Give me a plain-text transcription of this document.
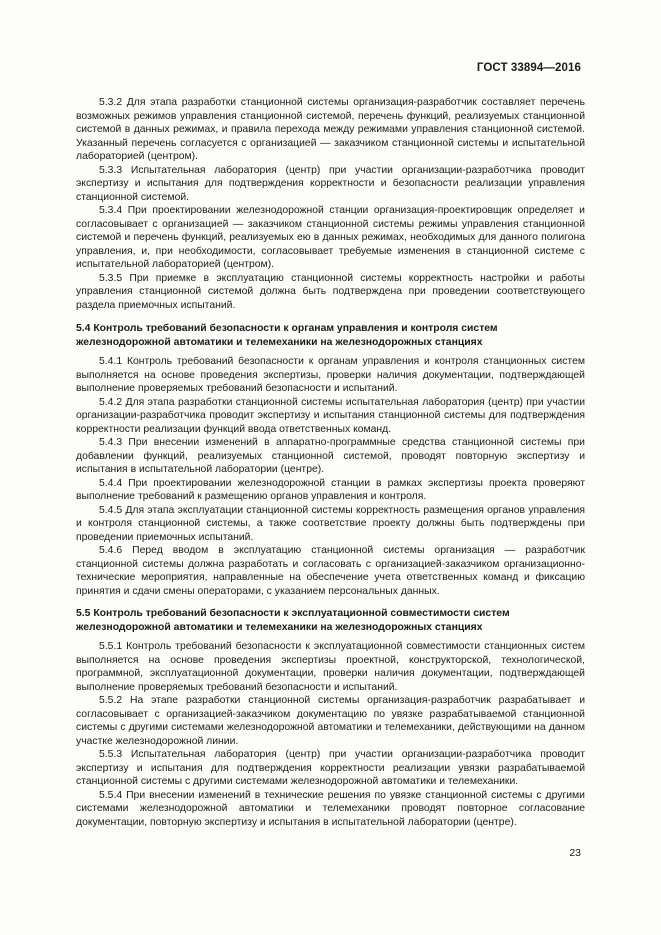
ГОСТ 33894—2016

5.3.2 Для этапа разработки станционной системы организация-разработчик составляет перечень возможных режимов управления станционной системой, перечень функций, реализуемых станционной системой в данных режимах, и правила перехода между режимами управления станционной системой. Указанный перечень согласуется с организацией — заказчиком станционной системы и испытательной лабораторией (центром).

5.3.3 Испытательная лаборатория (центр) при участии организации-разработчика проводит экспертизу и испытания для подтверждения корректности и безопасности реализации управления станционной системой.

5.3.4 При проектировании железнодорожной станции организация-проектировщик определяет и согласовывает с организацией — заказчиком станционной системы режимы управления станционной системой и перечень функций, реализуемых ею в данных режимах, необходимых для данного полигона управления, и, при необходимости, согласовывает требуемые изменения в станционной системе с испытательной лабораторией (центром).

5.3.5 При приемке в эксплуатацию станционной системы корректность настройки и работы управления станционной системой должна быть подтверждена при проведении соответствующего раздела приемочных испытаний.

5.4 Контроль требований безопасности к органам управления и контроля систем железнодорожной автоматики и телемеханики на железнодорожных станциях

5.4.1 Контроль требований безопасности к органам управления и контроля станционных систем выполняется на основе проведения экспертизы, проверки наличия документации, подтверждающей выполнение проверяемых требований безопасности и испытаний.

5.4.2 Для этапа разработки станционной системы испытательная лаборатория (центр) при участии организации-разработчика проводит экспертизу и испытания станционной системы для подтверждения корректности реализации функций ввода ответственных команд.

5.4.3 При внесении изменений в аппаратно-программные средства станционной системы при добавлении функций, реализуемых станционной системой, проводят повторную экспертизу и испытания в испытательной лаборатории (центре).

5.4.4 При проектировании железнодорожной станции в рамках экспертизы проекта проверяют выполнение требований к размещению органов управления и контроля.

5.4.5 Для этапа эксплуатации станционной системы корректность размещения органов управления и контроля станционной системы, а также соответствие проекту должны быть подтверждены при проведении приемочных испытаний.

5.4.6 Перед вводом в эксплуатацию станционной системы организация — разработчик станционной системы должна разработать и согласовать с организацией-заказчиком организационно-технические мероприятия, направленные на обеспечение учета ответственных команд и фиксацию принятия и сдачи смены операторами, с указанием персональных данных.

5.5 Контроль требований безопасности к эксплуатационной совместимости систем железнодорожной автоматики и телемеханики на железнодорожных станциях

5.5.1 Контроль требований безопасности к эксплуатационной совместимости станционных систем выполняется на основе проведения экспертизы проектной, конструкторской, технологической, программной, эксплуатационной документации, проверки наличия документации, подтверждающей выполнение проверяемых требований безопасности и испытаний.

5.5.2 На этапе разработки станционной системы организация-разработчик разрабатывает и согласовывает с организацией-заказчиком документацию по увязке разрабатываемой станционной системы с другими системами железнодорожной автоматики и телемеханики, действующими на данном участке железнодорожной линии.

5.5.3 Испытательная лаборатория (центр) при участии организации-разработчика проводит экспертизу и испытания для подтверждения корректности реализации увязки разрабатываемой станционной системы с другими системами железнодорожной автоматики и телемеханики.

5.5.4 При внесении изменений в технические решения по увязке станционной системы с другими системами железнодорожной автоматики и телемеханики проводят повторное согласование документации, повторную экспертизу и испытания в испытательной лаборатории (центре).

23
